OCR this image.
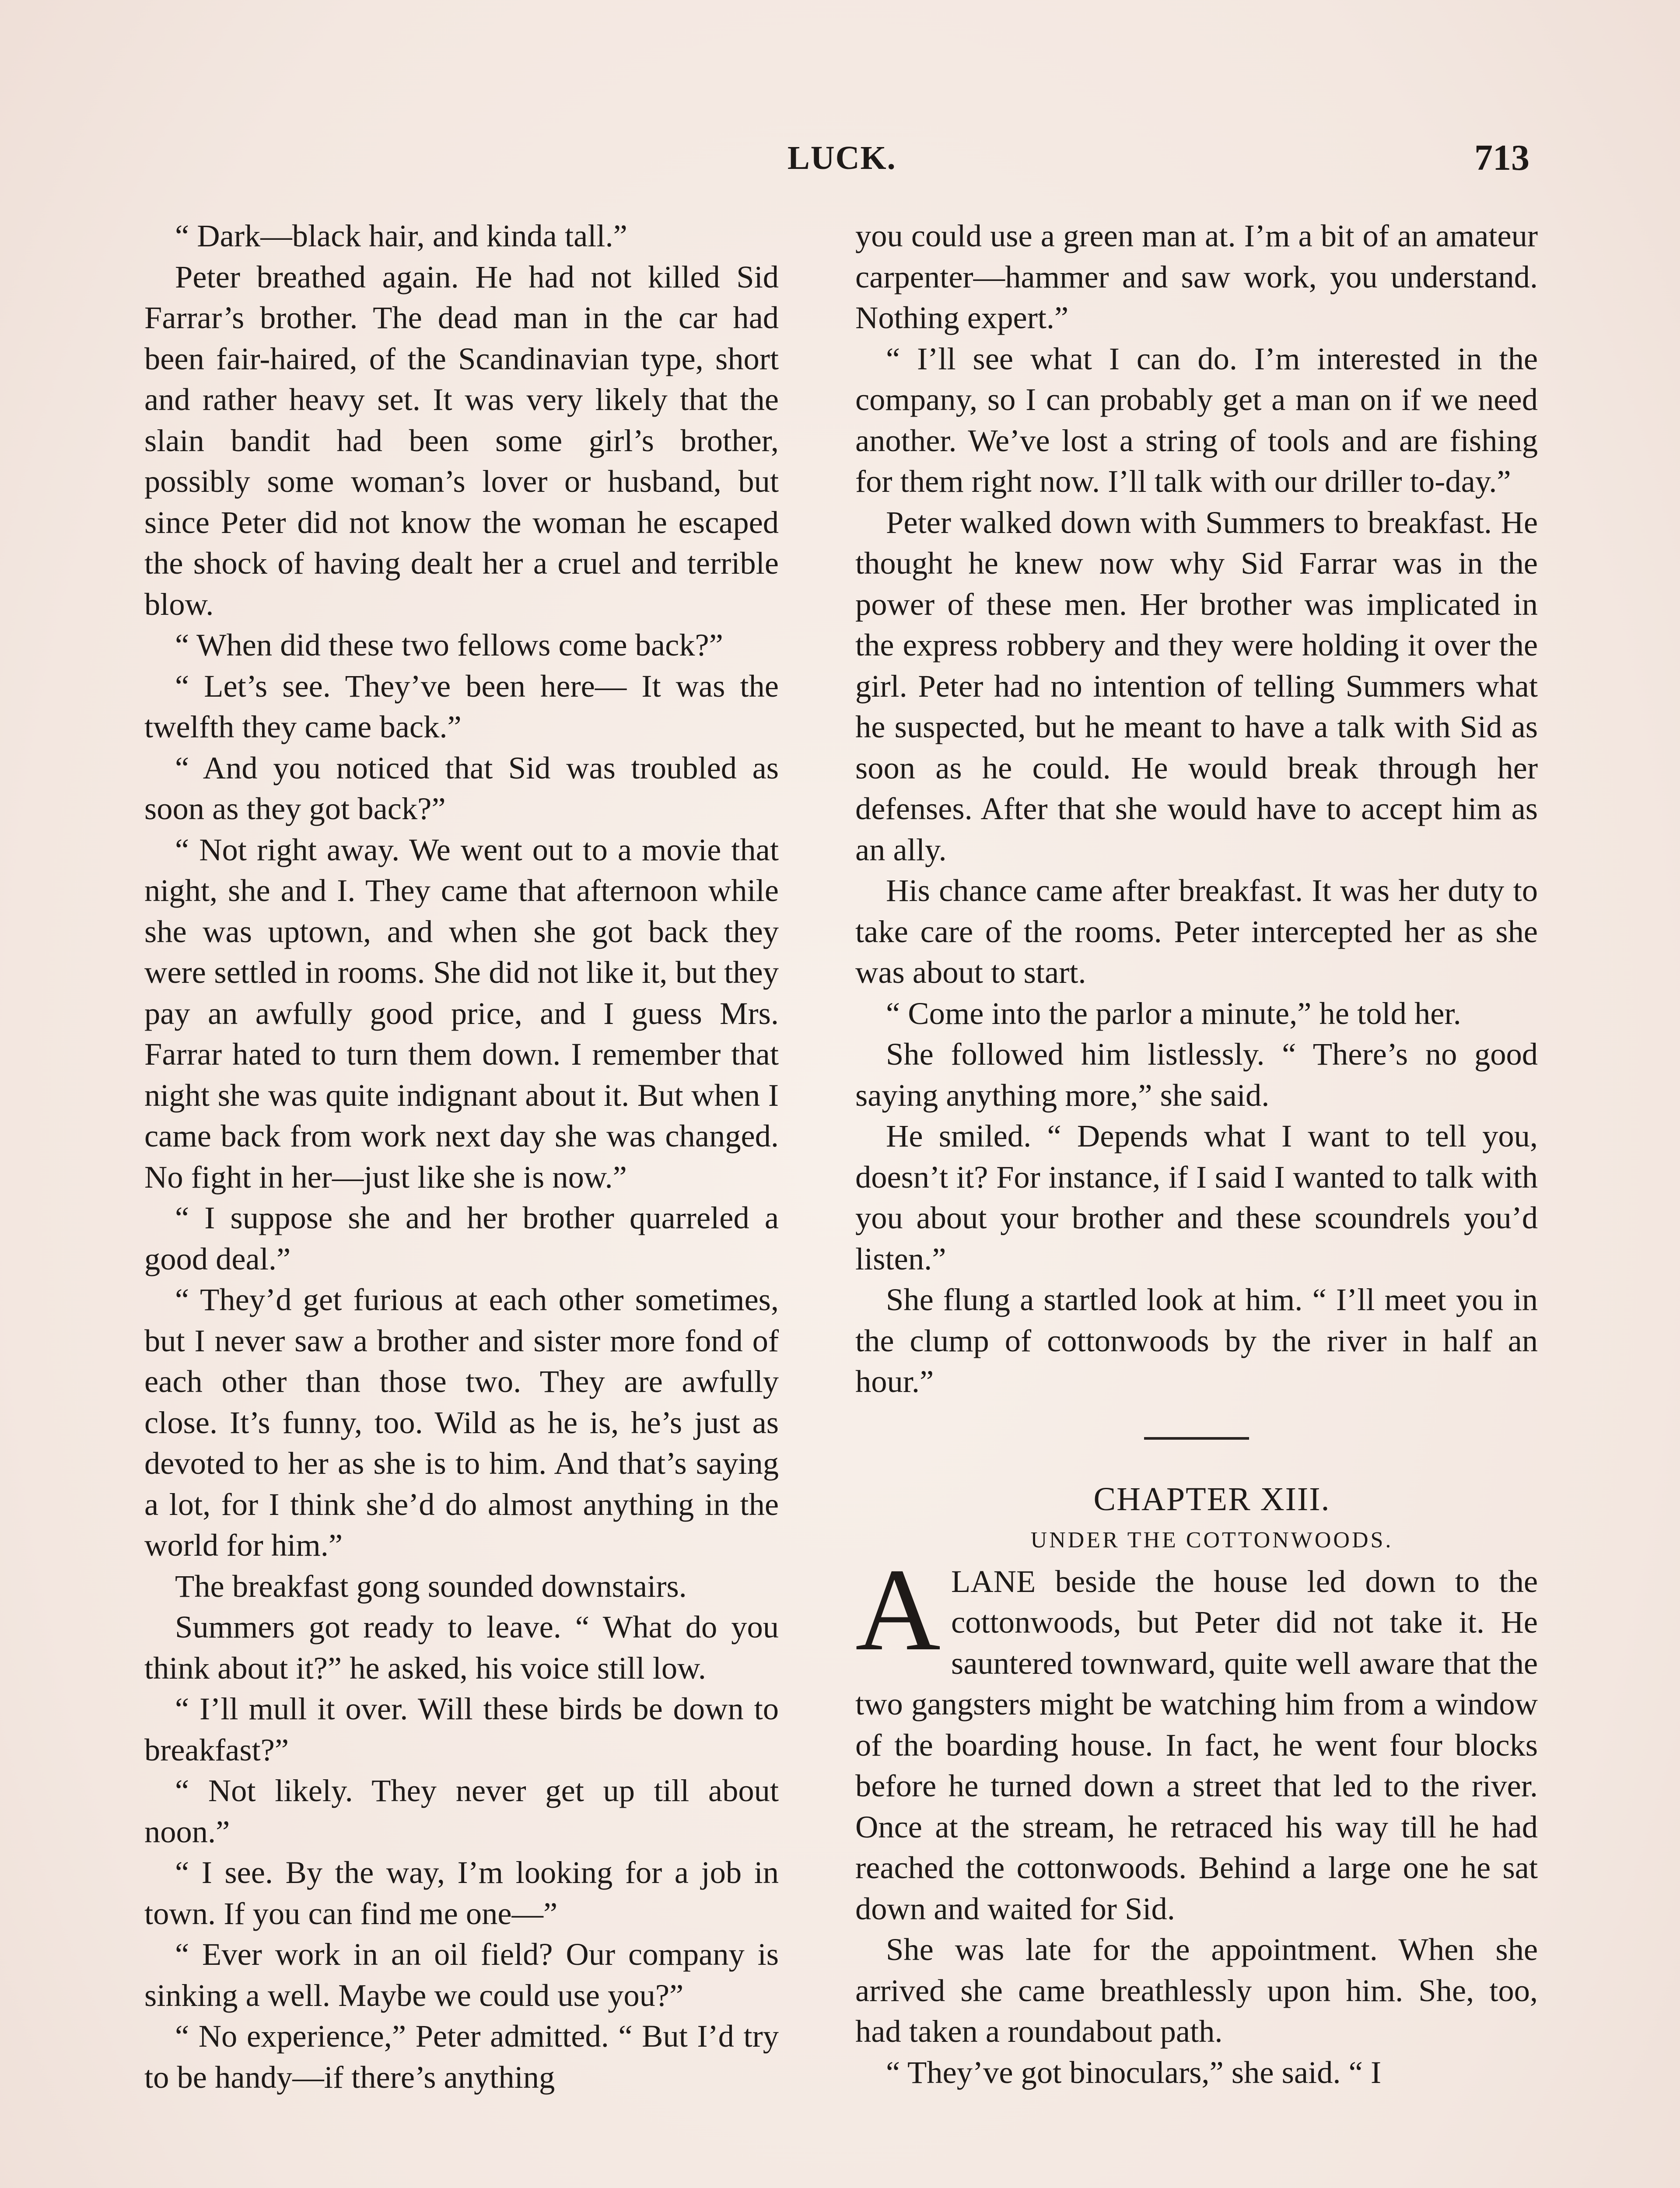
LUCK.	713

“ Dark—black hair, and kinda tall.”

Peter breathed again. He had not killed Sid Farrar’s brother. The dead man in the car had been fair-haired, of the Scandinavian type, short and rather heavy set. It was very likely that the slain bandit had been some girl’s brother, possibly some woman’s lover or husband, but since Peter did not know the woman he escaped the shock of having dealt her a cruel and terrible blow.

“ When did these two fellows come back?”

“ Let’s see. They’ve been here— It was the twelfth they came back.”

“ And you noticed that Sid was troubled as soon as they got back?”

“ Not right away. We went out to a movie that night, she and I. They came that afternoon while she was uptown, and when she got back they were settled in rooms. She did not like it, but they pay an awfully good price, and I guess Mrs. Farrar hated to turn them down. I remember that night she was quite indignant about it. But when I came back from work next day she was changed. No fight in her—just like she is now.”

“ I suppose she and her brother quarreled a good deal.”

“ They’d get furious at each other sometimes, but I never saw a brother and sister more fond of each other than those two. They are awfully close. It’s funny, too. Wild as he is, he’s just as devoted to her as she is to him. And that’s saying a lot, for I think she’d do almost anything in the world for him.”

The breakfast gong sounded downstairs.

Summers got ready to leave. “ What do you think about it?” he asked, his voice still low.

“ I’ll mull it over. Will these birds be down to breakfast?”

“ Not likely. They never get up till about noon.”

“ I see. By the way, I’m looking for a job in town. If you can find me one—”

“ Ever work in an oil field? Our company is sinking a well. Maybe we could use you?”

“ No experience,” Peter admitted. “ But I’d try to be handy—if there’s anything

you could use a green man at. I’m a bit of an amateur carpenter—hammer and saw work, you understand. Nothing expert.”

“ I’ll see what I can do. I’m interested in the company, so I can probably get a man on if we need another. We’ve lost a string of tools and are fishing for them right now. I’ll talk with our driller to-day.”

Peter walked down with Summers to breakfast. He thought he knew now why Sid Farrar was in the power of these men. Her brother was implicated in the express robbery and they were holding it over the girl. Peter had no intention of telling Summers what he suspected, but he meant to have a talk with Sid as soon as he could. He would break through her defenses. After that she would have to accept him as an ally.

His chance came after breakfast. It was her duty to take care of the rooms. Peter intercepted her as she was about to start.

“ Come into the parlor a minute,” he told her.

She followed him listlessly. “ There’s no good saying anything more,” she said.

He smiled. “ Depends what I want to tell you, doesn’t it? For instance, if I said I wanted to talk with you about your brother and these scoundrels you’d listen.”

She flung a startled look at him. “ I’ll meet you in the clump of cottonwoods by the river in half an hour.”

CHAPTER XIII.

UNDER THE COTTONWOODS.

ALANE beside the house led down to the cottonwoods, but Peter did not take it. He sauntered townward, quite well aware that the two gangsters might be watching him from a window of the boarding house. In fact, he went four blocks before he turned down a street that led to the river. Once at the stream, he retraced his way till he had reached the cottonwoods. Behind a large one he sat down and waited for Sid.

She was late for the appointment. When she arrived she came breathlessly upon him. She, too, had taken a roundabout path.

“ They’ve got binoculars,” she said. “ I
